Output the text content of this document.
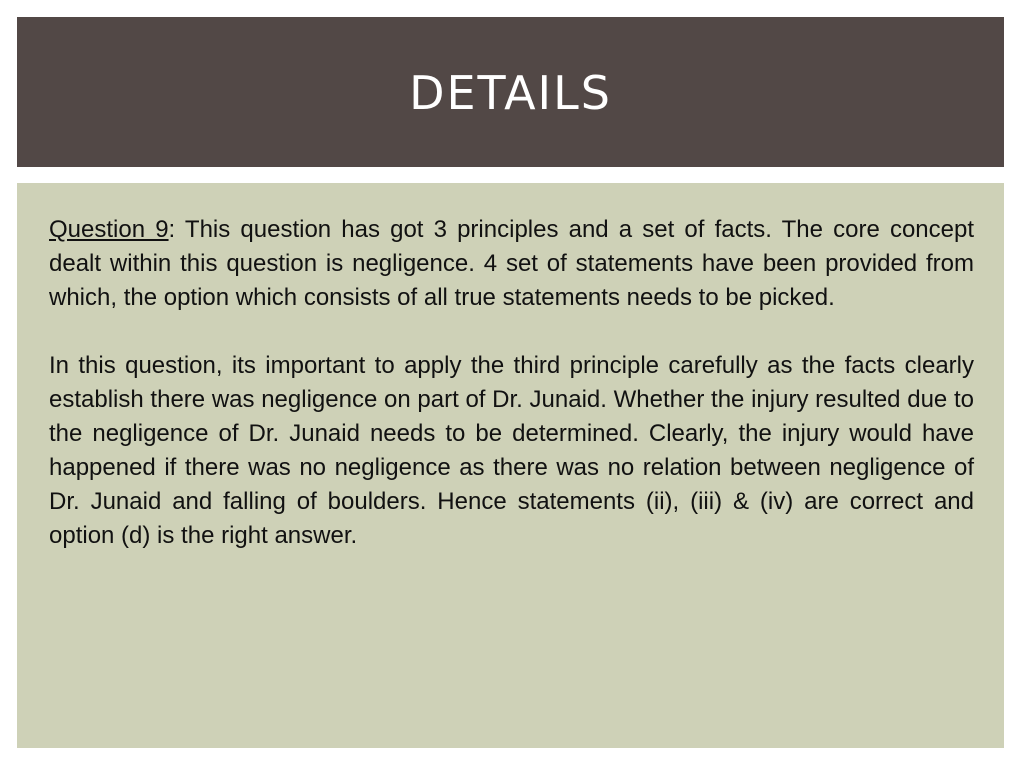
DETAILS

Question 9: This question has got 3 principles and a set of facts. The core concept dealt within this question is negligence. 4 set of statements have been provided from which, the option which consists of all true statements needs to be picked.

In this question, its important to apply the third principle carefully as the facts clearly establish there was negligence on part of Dr. Junaid. Whether the injury resulted due to the negligence of Dr. Junaid needs to be determined. Clearly, the injury would have happened if there was no negligence as there was no relation between negligence of Dr. Junaid and falling of boulders. Hence statements (ii), (iii) & (iv) are correct and option (d) is the right answer.
